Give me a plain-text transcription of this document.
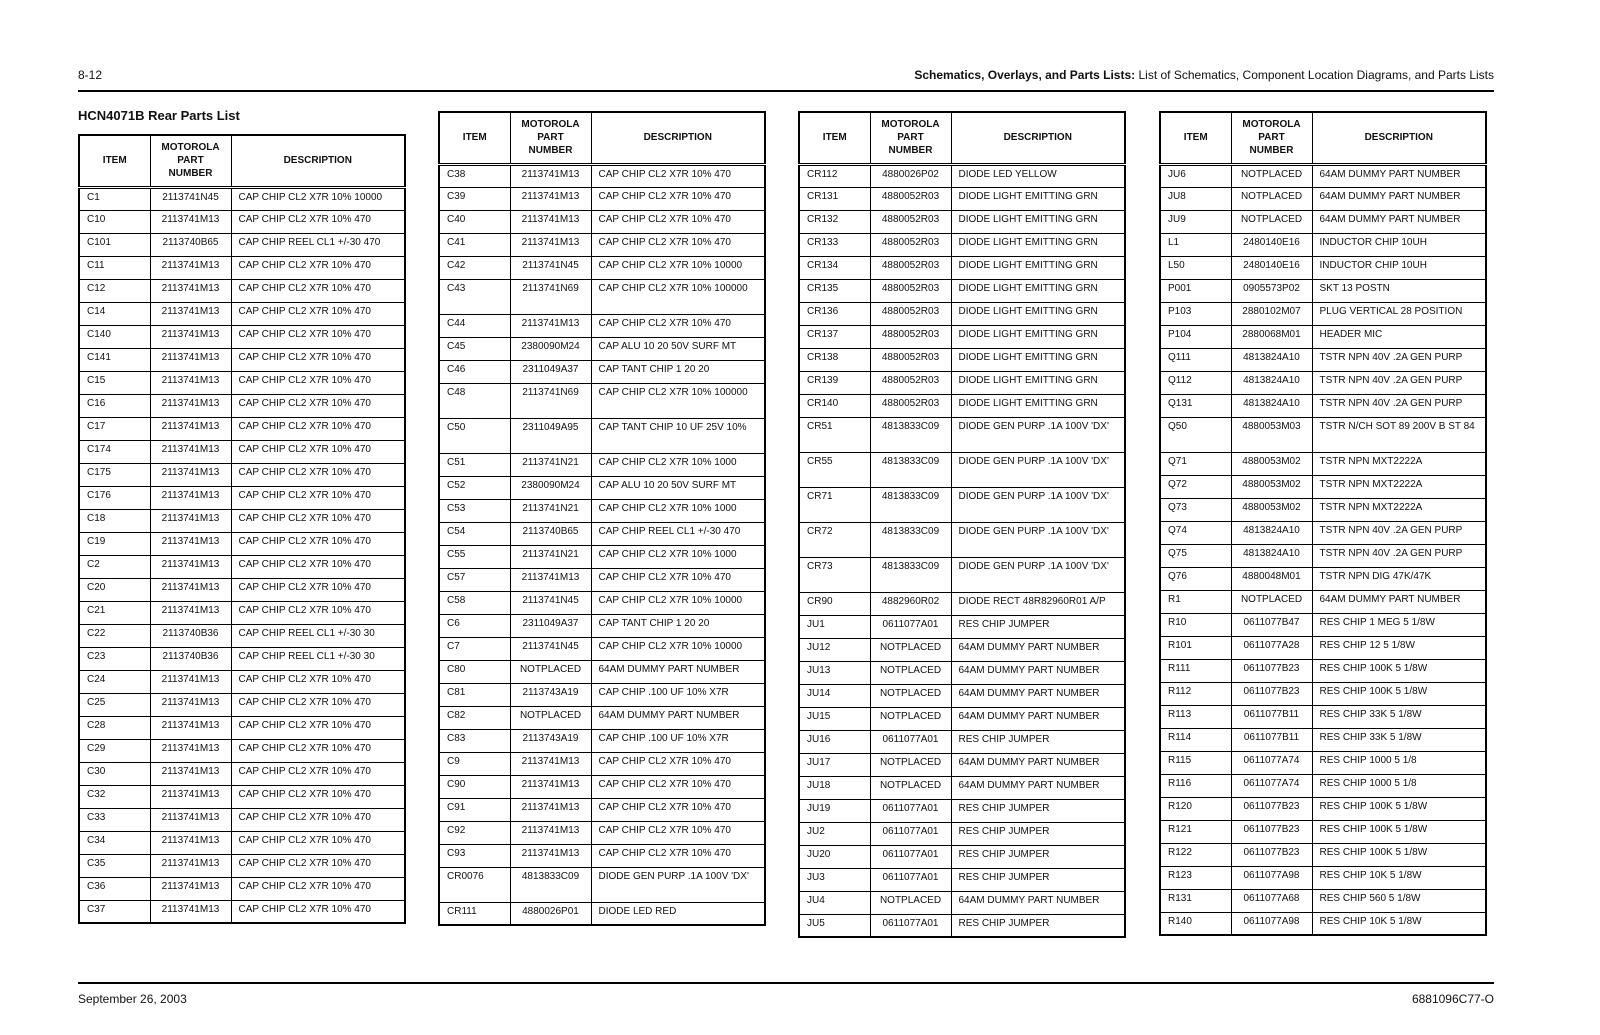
8-12	Schematics, Overlays, and Parts Lists: List of Schematics, Component Location Diagrams, and Parts Lists
HCN4071B Rear Parts List
ITEM	MOTOROLA
PART
NUMBER	DESCRIPTION
C1	2113741N45	CAP CHIP CL2 X7R 10% 10000
C10	2113741M13	CAP CHIP CL2 X7R 10% 470
C101	2113740B65	CAP CHIP REEL CL1 +/-30 470
C11	2113741M13	CAP CHIP CL2 X7R 10% 470
C12	2113741M13	CAP CHIP CL2 X7R 10% 470
C14	2113741M13	CAP CHIP CL2 X7R 10% 470
C140	2113741M13	CAP CHIP CL2 X7R 10% 470
C141	2113741M13	CAP CHIP CL2 X7R 10% 470
C15	2113741M13	CAP CHIP CL2 X7R 10% 470
C16	2113741M13	CAP CHIP CL2 X7R 10% 470
C17	2113741M13	CAP CHIP CL2 X7R 10% 470
C174	2113741M13	CAP CHIP CL2 X7R 10% 470
C175	2113741M13	CAP CHIP CL2 X7R 10% 470
C176	2113741M13	CAP CHIP CL2 X7R 10% 470
C18	2113741M13	CAP CHIP CL2 X7R 10% 470
C19	2113741M13	CAP CHIP CL2 X7R 10% 470
C2	2113741M13	CAP CHIP CL2 X7R 10% 470
C20	2113741M13	CAP CHIP CL2 X7R 10% 470
C21	2113741M13	CAP CHIP CL2 X7R 10% 470
C22	2113740B36	CAP CHIP REEL CL1 +/-30 30
C23	2113740B36	CAP CHIP REEL CL1 +/-30 30
C24	2113741M13	CAP CHIP CL2 X7R 10% 470
C25	2113741M13	CAP CHIP CL2 X7R 10% 470
C28	2113741M13	CAP CHIP CL2 X7R 10% 470
C29	2113741M13	CAP CHIP CL2 X7R 10% 470
C30	2113741M13	CAP CHIP CL2 X7R 10% 470
C32	2113741M13	CAP CHIP CL2 X7R 10% 470
C33	2113741M13	CAP CHIP CL2 X7R 10% 470
C34	2113741M13	CAP CHIP CL2 X7R 10% 470
C35	2113741M13	CAP CHIP CL2 X7R 10% 470
C36	2113741M13	CAP CHIP CL2 X7R 10% 470
C37	2113741M13	CAP CHIP CL2 X7R 10% 470
ITEM	MOTOROLA
PART
NUMBER	DESCRIPTION
C38	2113741M13	CAP CHIP CL2 X7R 10% 470
C39	2113741M13	CAP CHIP CL2 X7R 10% 470
C40	2113741M13	CAP CHIP CL2 X7R 10% 470
C41	2113741M13	CAP CHIP CL2 X7R 10% 470
C42	2113741N45	CAP CHIP CL2 X7R 10% 10000
C43	2113741N69	CAP CHIP CL2 X7R 10% 100000
C44	2113741M13	CAP CHIP CL2 X7R 10% 470
C45	2380090M24	CAP ALU 10 20 50V SURF MT
C46	2311049A37	CAP TANT CHIP 1 20 20
C48	2113741N69	CAP CHIP CL2 X7R 10% 100000
C50	2311049A95	CAP TANT CHIP 10 UF 25V 10%
C51	2113741N21	CAP CHIP CL2 X7R 10% 1000
C52	2380090M24	CAP ALU 10 20 50V SURF MT
C53	2113741N21	CAP CHIP CL2 X7R 10% 1000
C54	2113740B65	CAP CHIP REEL CL1 +/-30 470
C55	2113741N21	CAP CHIP CL2 X7R 10% 1000
C57	2113741M13	CAP CHIP CL2 X7R 10% 470
C58	2113741N45	CAP CHIP CL2 X7R 10% 10000
C6	2311049A37	CAP TANT CHIP 1 20 20
C7	2113741N45	CAP CHIP CL2 X7R 10% 10000
C80	NOTPLACED	64AM DUMMY PART NUMBER
C81	2113743A19	CAP CHIP .100 UF 10% X7R
C82	NOTPLACED	64AM DUMMY PART NUMBER
C83	2113743A19	CAP CHIP .100 UF 10% X7R
C9	2113741M13	CAP CHIP CL2 X7R 10% 470
C90	2113741M13	CAP CHIP CL2 X7R 10% 470
C91	2113741M13	CAP CHIP CL2 X7R 10% 470
C92	2113741M13	CAP CHIP CL2 X7R 10% 470
C93	2113741M13	CAP CHIP CL2 X7R 10% 470
CR0076	4813833C09	DIODE GEN PURP .1A 100V 'DX'
CR111	4880026P01	DIODE LED RED
ITEM	MOTOROLA
PART
NUMBER	DESCRIPTION
CR112	4880026P02	DIODE LED YELLOW
CR131	4880052R03	DIODE LIGHT EMITTING GRN
CR132	4880052R03	DIODE LIGHT EMITTING GRN
CR133	4880052R03	DIODE LIGHT EMITTING GRN
CR134	4880052R03	DIODE LIGHT EMITTING GRN
CR135	4880052R03	DIODE LIGHT EMITTING GRN
CR136	4880052R03	DIODE LIGHT EMITTING GRN
CR137	4880052R03	DIODE LIGHT EMITTING GRN
CR138	4880052R03	DIODE LIGHT EMITTING GRN
CR139	4880052R03	DIODE LIGHT EMITTING GRN
CR140	4880052R03	DIODE LIGHT EMITTING GRN
CR51	4813833C09	DIODE GEN PURP .1A 100V 'DX'
CR55	4813833C09	DIODE GEN PURP .1A 100V 'DX'
CR71	4813833C09	DIODE GEN PURP .1A 100V 'DX'
CR72	4813833C09	DIODE GEN PURP .1A 100V 'DX'
CR73	4813833C09	DIODE GEN PURP .1A 100V 'DX'
CR90	4882960R02	DIODE RECT 48R82960R01 A/P
JU1	0611077A01	RES CHIP JUMPER
JU12	NOTPLACED	64AM DUMMY PART NUMBER
JU13	NOTPLACED	64AM DUMMY PART NUMBER
JU14	NOTPLACED	64AM DUMMY PART NUMBER
JU15	NOTPLACED	64AM DUMMY PART NUMBER
JU16	0611077A01	RES CHIP JUMPER
JU17	NOTPLACED	64AM DUMMY PART NUMBER
JU18	NOTPLACED	64AM DUMMY PART NUMBER
JU19	0611077A01	RES CHIP JUMPER
JU2	0611077A01	RES CHIP JUMPER
JU20	0611077A01	RES CHIP JUMPER
JU3	0611077A01	RES CHIP JUMPER
JU4	NOTPLACED	64AM DUMMY PART NUMBER
JU5	0611077A01	RES CHIP JUMPER
ITEM	MOTOROLA
PART
NUMBER	DESCRIPTION
JU6	NOTPLACED	64AM DUMMY PART NUMBER
JU8	NOTPLACED	64AM DUMMY PART NUMBER
JU9	NOTPLACED	64AM DUMMY PART NUMBER
L1	2480140E16	INDUCTOR CHIP 10UH
L50	2480140E16	INDUCTOR CHIP 10UH
P001	0905573P02	SKT 13 POSTN
P103	2880102M07	PLUG VERTICAL 28 POSITION
P104	2880068M01	HEADER MIC
Q111	4813824A10	TSTR NPN 40V .2A GEN PURP
Q112	4813824A10	TSTR NPN 40V .2A GEN PURP
Q131	4813824A10	TSTR NPN 40V .2A GEN PURP
Q50	4880053M03	TSTR N/CH SOT 89 200V B ST 84
Q71	4880053M02	TSTR NPN MXT2222A
Q72	4880053M02	TSTR NPN MXT2222A
Q73	4880053M02	TSTR NPN MXT2222A
Q74	4813824A10	TSTR NPN 40V .2A GEN PURP
Q75	4813824A10	TSTR NPN 40V .2A GEN PURP
Q76	4880048M01	TSTR NPN DIG 47K/47K
R1	NOTPLACED	64AM DUMMY PART NUMBER
R10	0611077B47	RES CHIP 1 MEG 5 1/8W
R101	0611077A28	RES CHIP 12 5 1/8W
R111	0611077B23	RES CHIP 100K 5 1/8W
R112	0611077B23	RES CHIP 100K 5 1/8W
R113	0611077B11	RES CHIP 33K 5 1/8W
R114	0611077B11	RES CHIP 33K 5 1/8W
R115	0611077A74	RES CHIP 1000 5 1/8
R116	0611077A74	RES CHIP 1000 5 1/8
R120	0611077B23	RES CHIP 100K 5 1/8W
R121	0611077B23	RES CHIP 100K 5 1/8W
R122	0611077B23	RES CHIP 100K 5 1/8W
R123	0611077A98	RES CHIP 10K 5 1/8W
R131	0611077A68	RES CHIP 560 5 1/8W
R140	0611077A98	RES CHIP 10K 5 1/8W
September 26, 2003	6881096C77-O
